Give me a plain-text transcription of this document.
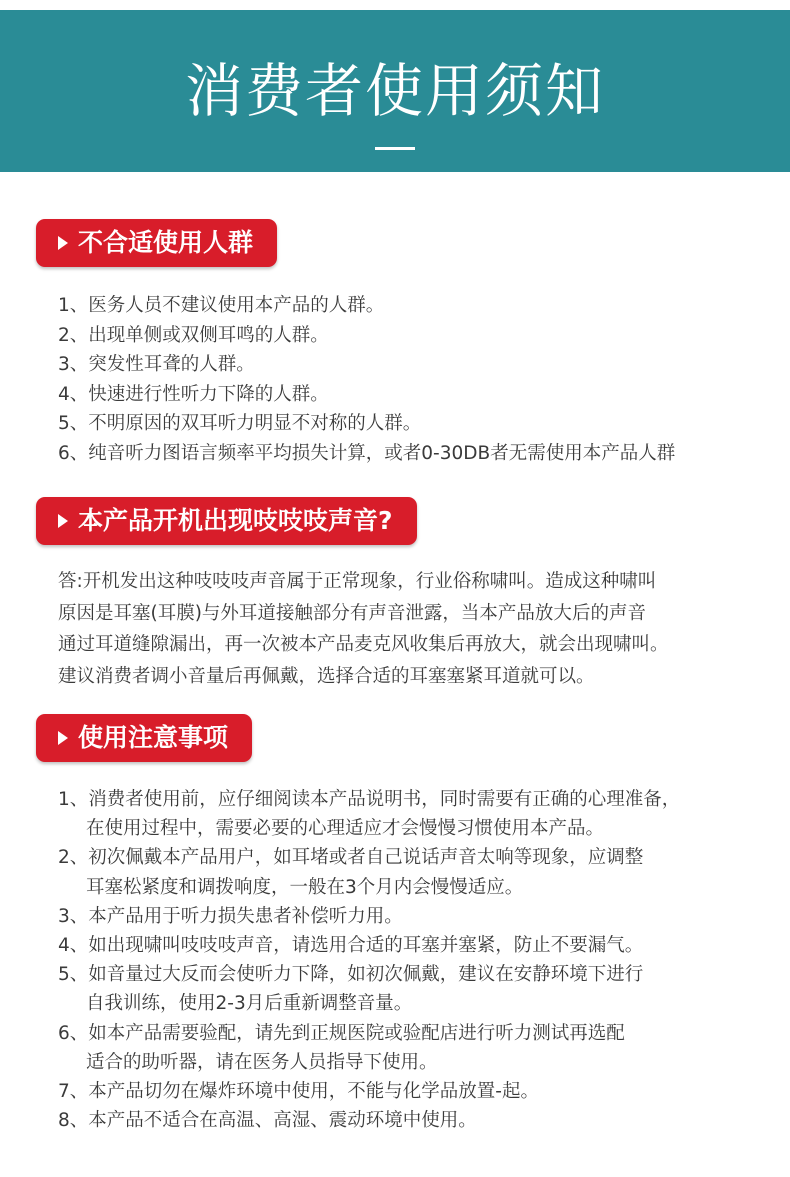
消费者使用须知
不合适使用人群
1、医务人员不建议使用本产品的人群。
2、出现单侧或双侧耳鸣的人群。
3、突发性耳聋的人群。
4、快速进行性听力下降的人群。
5、不明原因的双耳听力明显不对称的人群。
6、纯音听力图语言频率平均损失计算，或者0-30DB者无需使用本产品人群
本产品开机出现吱吱吱声音?
答:开机发出这种吱吱吱声音属于正常现象，行业俗称啸叫。造成这种啸叫
原因是耳塞(耳膜)与外耳道接触部分有声音泄露，当本产品放大后的声音
通过耳道缝隙漏出，再一次被本产品麦克风收集后再放大，就会出现啸叫。
建议消费者调小音量后再佩戴，选择合适的耳塞塞紧耳道就可以。
使用注意事项
1、消费者使用前，应仔细阅读本产品说明书，同时需要有正确的心理准备，
在使用过程中，需要必要的心理适应才会慢慢习惯使用本产品。
2、初次佩戴本产品用户，如耳堵或者自己说话声音太响等现象，应调整
耳塞松紧度和调拨响度，一般在3个月内会慢慢适应。
3、本产品用于听力损失患者补偿听力用。
4、如出现啸叫吱吱吱声音，请选用合适的耳塞并塞紧，防止不要漏气。
5、如音量过大反而会使听力下降，如初次佩戴，建议在安静环境下进行
自我训练，使用2-3月后重新调整音量。
6、如本产品需要验配，请先到正规医院或验配店进行听力测试再选配
适合的助听器，请在医务人员指导下使用。
7、本产品切勿在爆炸环境中使用，不能与化学品放置-起。
8、本产品不适合在高温、高湿、震动环境中使用。
